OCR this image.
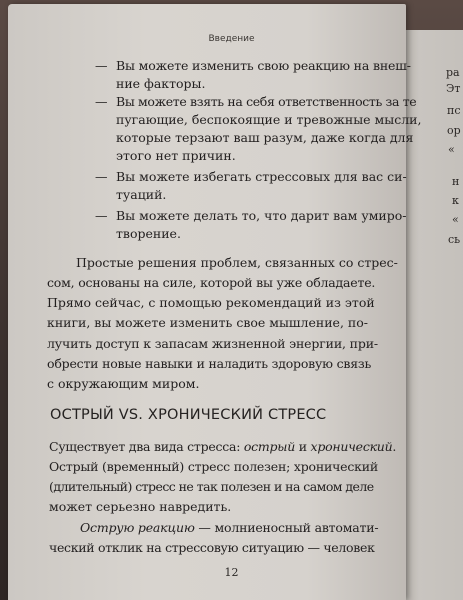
Введение
— Вы можете изменить свою реакцию на внеш-
ние факторы.
— Вы можете взять на себя ответственность за те
пугающие, беспокоящие и тревожные мысли,
которые терзают ваш разум, даже когда для
этого нет причин.
— Вы можете избегать стрессовых для вас си-
туаций.
— Вы можете делать то, что дарит вам умиро-
творение.
Простые решения проблем, связанных со стрес-
сом, основаны на силе, которой вы уже обладаете.
Прямо сейчас, с помощью рекомендаций из этой
книги, вы можете изменить свое мышление, по-
лучить доступ к запасам жизненной энергии, при-
обрести новые навыки и наладить здоровую связь
с окружающим миром.
ОСТРЫЙ VS. ХРОНИЧЕСКИЙ СТРЕСС
Существует два вида стресса: острый и хронический.
Острый (временный) стресс полезен; хронический
(длительный) стресс не так полезен и на самом деле
может серьезно навредить.
Острую реакцию — молниеносный автомати-
ческий отклик на стрессовую ситуацию — человек
12
ра
Эт
пс
ор
«
н
к
«
сь
